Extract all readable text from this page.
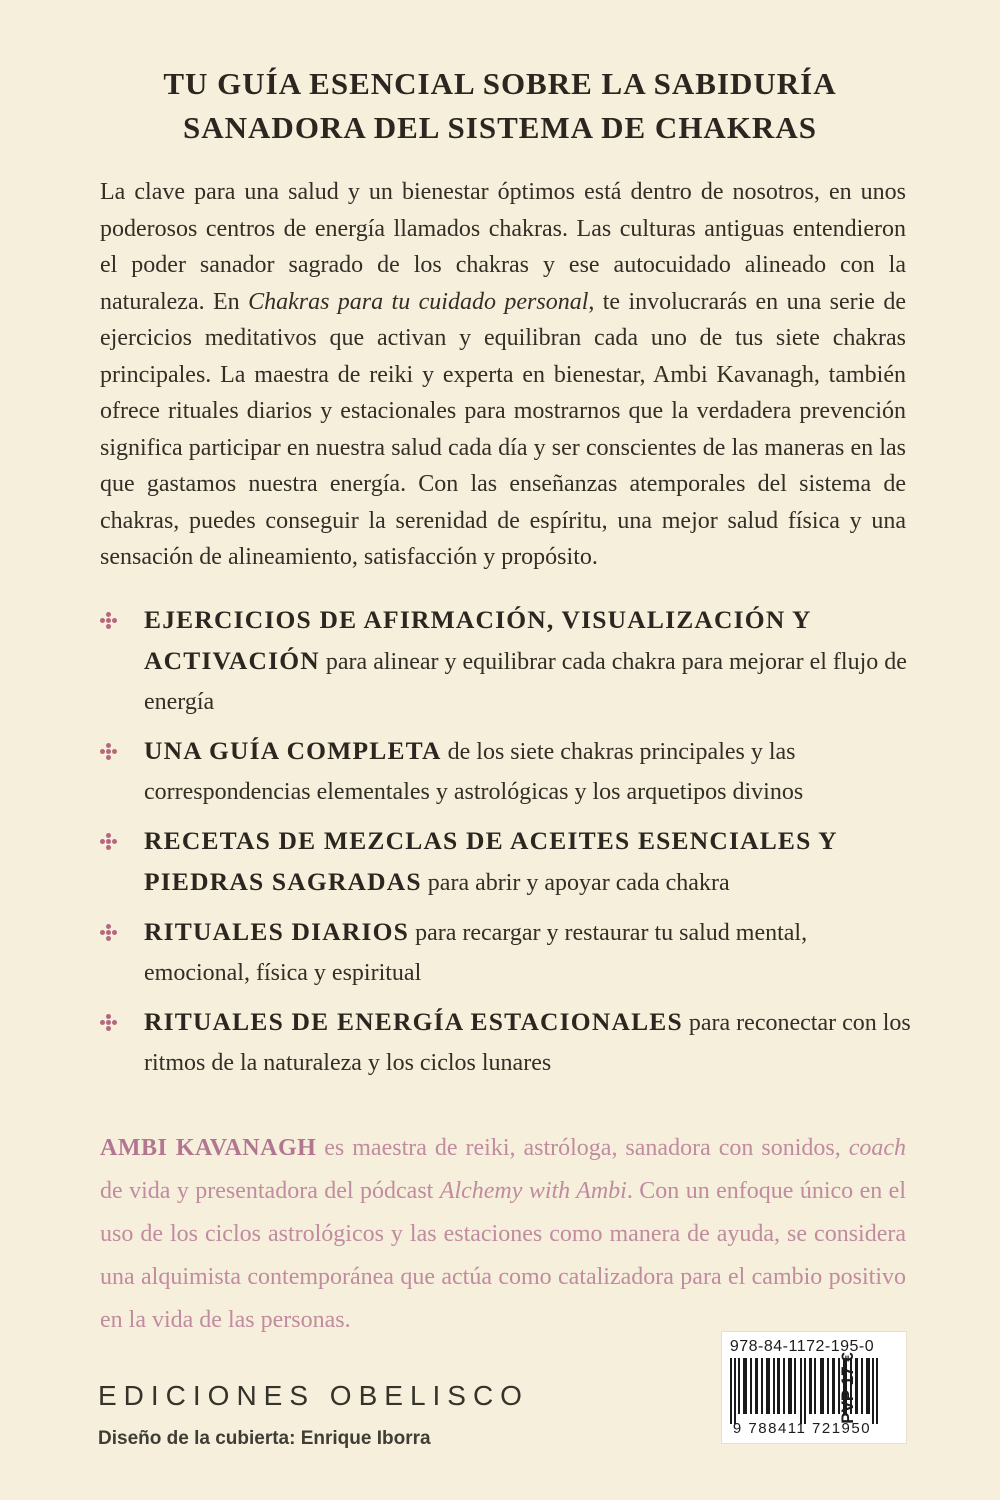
TU GUÍA ESENCIAL SOBRE LA SABIDURÍA
SANADORA DEL SISTEMA DE CHAKRAS

La clave para una salud y un bienestar óptimos está dentro de nosotros, en unos poderosos centros de energía llamados chakras. Las culturas antiguas entendieron el poder sanador sagrado de los chakras y ese autocuidado alineado con la naturaleza. En Chakras para tu cuidado personal, te involucrarás en una serie de ejercicios meditativos que activan y equilibran cada uno de tus siete chakras principales. La maestra de reiki y experta en bienestar, Ambi Kavanagh, también ofrece rituales diarios y estacionales para mostrarnos que la verdadera prevención significa participar en nuestra salud cada día y ser conscientes de las maneras en las que gastamos nuestra energía. Con las enseñanzas atemporales del sistema de chakras, puedes conseguir la serenidad de espíritu, una mejor salud física y una sensación de alineamiento, satisfacción y propósito.

EJERCICIOS DE AFIRMACIÓN, VISUALIZACIÓN Y ACTIVACIÓN para alinear y equilibrar cada chakra para mejorar el flujo de energía
UNA GUÍA COMPLETA de los siete chakras principales y las correspondencias elementales y astrológicas y los arquetipos divinos
RECETAS DE MEZCLAS DE ACEITES ESENCIALES Y PIEDRAS SAGRADAS para abrir y apoyar cada chakra
RITUALES DIARIOS para recargar y restaurar tu salud mental, emocional, física y espiritual
RITUALES DE ENERGÍA ESTACIONALES para reconectar con los ritmos de la naturaleza y los ciclos lunares

AMBI KAVANAGH es maestra de reiki, astróloga, sanadora con sonidos, coach de vida y presentadora del pódcast Alchemy with Ambi. Con un enfoque único en el uso de los ciclos astrológicos y las estaciones como manera de ayuda, se considera una alquimista contemporánea que actúa como catalizadora para el cambio positivo en la vida de las personas.

EDICIONES OBELISCO
Diseño de la cubierta: Enrique Iborra
978-84-1172-195-0
9 788411 721950
PVP 17 €
